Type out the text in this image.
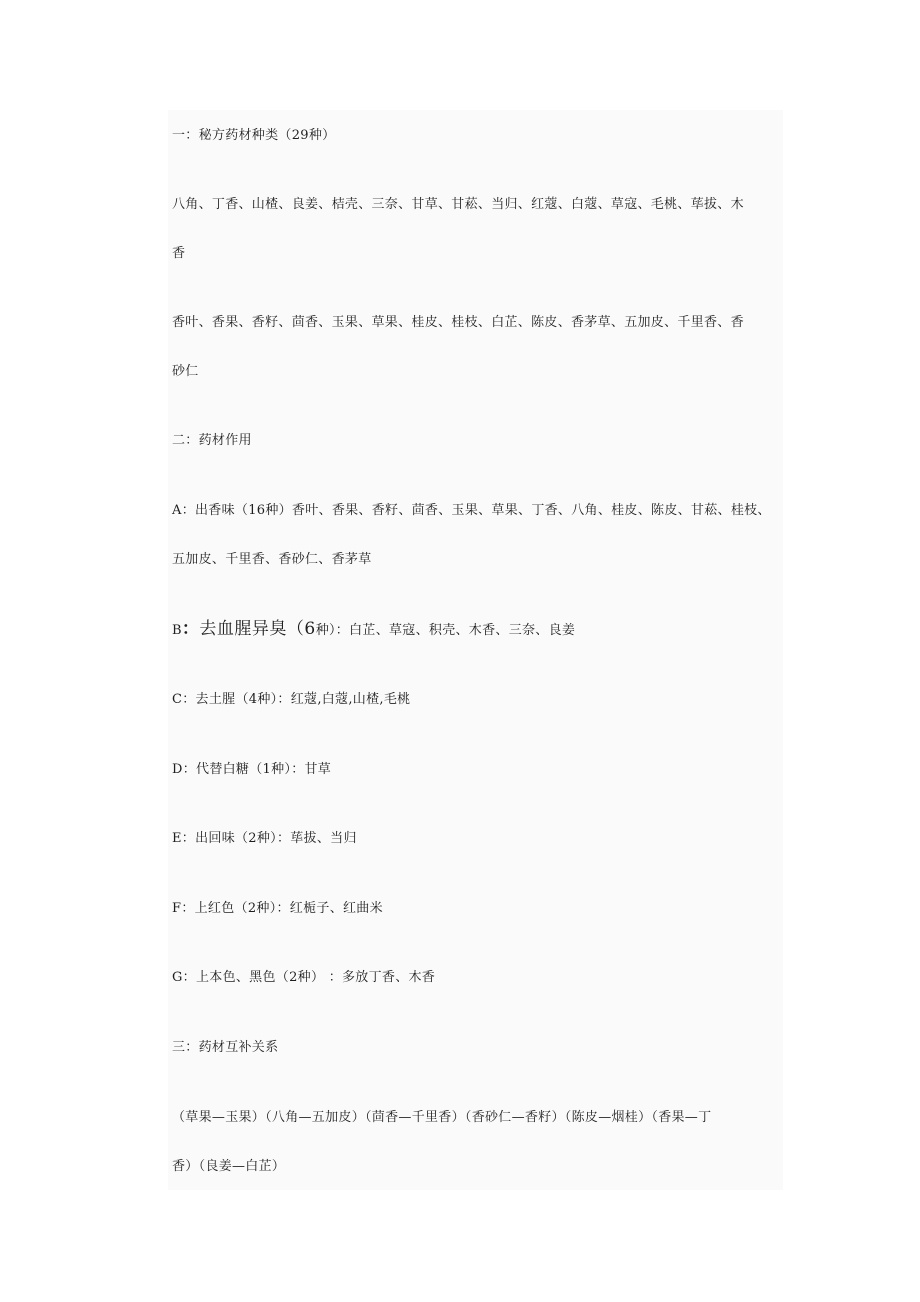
一：秘方药材种类（29种）
八角、丁香、山楂、良姜、桔壳、三奈、甘草、甘菘、当归、红蔻、白蔻、草寇、毛桃、荜拔、木
香
香叶、香果、香籽、茴香、玉果、草果、桂皮、桂枝、白芷、陈皮、香茅草、五加皮、千里香、香
砂仁
二：药材作用
A：出香味（16种）香叶、香果、香籽、茴香、玉果、草果、丁香、八角、桂皮、陈皮、甘菘、桂枝、
五加皮、千里香、香砂仁、香茅草
B：去血腥异臭（6种）：白芷、草寇、积壳、木香、三奈、良姜
C：去土腥（4种）：红蔻,白蔻,山楂,毛桃
D：代替白糖（1种）：甘草
E：出回味（2种）：荜拔、当归
F：上红色（2种）：红栀子、红曲米
G：上本色、黑色（2种） ：多放丁香、木香
三：药材互补关系
（草果—玉果）（八角—五加皮）（茴香—千里香）（香砂仁—香籽）（陈皮—烟桂）（香果—丁
香）（良姜—白芷）
